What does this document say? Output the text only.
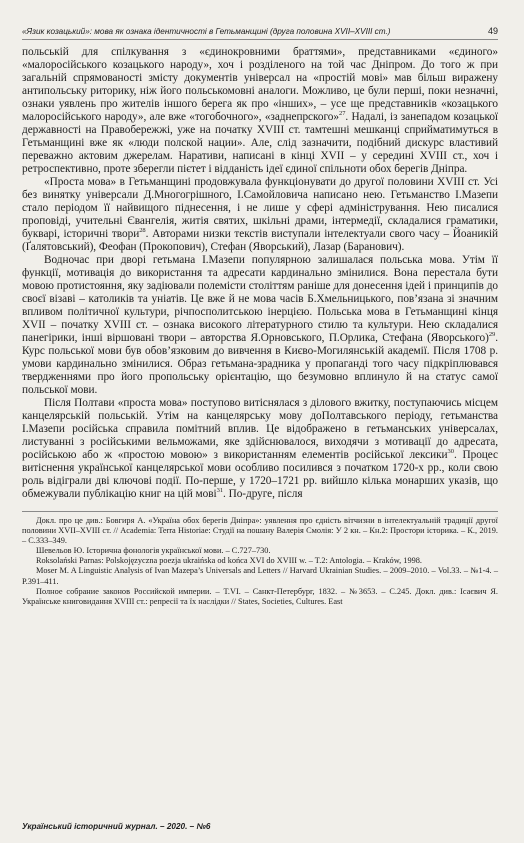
«Язик козацький»: мова як ознака ідентичності в Гетьманщині (друга половина XVII–XVIII ст.)	49

польській для спілкування з «єдинокровними браттями», представниками «єдиного» «малоросійського козацького народу», хоч і розділеного на той час Дніпром. До того ж при загальній спрямованості змісту документів універсал на «простій мові» мав більш виражену антипольську риторику, ніж його польськомовні аналоги. Можливо, це були перші, поки незначні, ознаки уявлень про жителів іншого берега як про «інших», – усе ще представників «козацького малоросійського народу», але вже «тогобочного», «заднепрского»$^{27}$. Надалі, із занепадом козацької державності на Правобережжі, уже на початку XVIII ст. тамтешні мешканці сприйматимуться в Гетьманщині вже як «люди полской нации». Але, слід зазначити, подібний дискурс властивий переважно актовим джерелам. Наративи, написані в кінці XVII – у середині XVIII ст., хоч і ретроспективно, проте зберегли пієтет і відданість ідеї єдиної спільноти обох берегів Дніпра.

«Проста мова» в Гетьманщині продовжувала функціонувати до другої половини XVIII ст. Усі без винятку універсали Д.Многогрішного, І.Самойловича написано нею. Гетьманство І.Мазепи стало періодом її найвищого піднесення, і не лише у сфері адміністрування. Нею писалися проповіді, учительні Євангелія, житія святих, шкільні драми, інтермедії, складалися граматики, букварі, історичні твори$^{28}$. Авторами низки текстів виступали інтелектуали свого часу – Йоаникій (Ґалятовський), Феофан (Прокопович), Стефан (Яворський), Лазар (Баранович).

Водночас при дворі гетьмана І.Мазепи популярною залишалася польська мова. Утім її функції, мотивація до використання та адресати кардинально змінилися. Вона перестала бути мовою протистояння, яку задіювали полемісти століттям раніше для донесення ідей і принципів до своєї візаві – католиків та уніатів. Це вже й не мова часів Б.Хмельницького, пов’язана зі значним впливом політичної культури, річпосполитською інерцією. Польська мова в Гетьманщині кінця XVII – початку XVIII ст. – ознака високого літературного стилю та культури. Нею складалися панегірики, інші віршовані твори – авторства Я.Орновського, П.Орлика, Стефана (Яворського)$^{29}$. Курс польської мови був обов’язковим до вивчення в Києво-Могилянській академії. Після 1708 р. умови кардинально змінилися. Образ гетьмана-зрадника у пропаганді того часу підкріплювався твердженнями про його пропольську орієнтацію, що безумовно вплинуло й на статус самої польської мови.

Після Полтави «проста мова» поступово витіснялася з ділового вжитку, поступаючись місцем канцелярській польській. Утім на канцелярську мову доПолтавського періоду, гетьманства І.Мазепи російська справила помітний вплив. Це відображено в гетьманських універсалах, листуванні з російськими вельможами, яке здійснювалося, виходячи з мотивації до адресата, російською або ж «простою мовою» з використанням елементів російської лексики$^{30}$. Процес витіснення української канцелярської мови особливо посилився з початком 1720-х рр., коли свою роль відіграли дві ключові події. По-перше, у 1720–1721 рр. вийшло кілька монарших указів, що обмежували публікацію книг на цій мові$^{31}$. По-друге, після

Докл. про це див.: Бовгиря А. «Україна обох берегів Дніпра»: уявлення про єдність вітчизни в інтелектуальній традиції другої половини XVII–XVIII ст. // Academia: Terra Historiae: Студії на пошану Валерія Смолія: У 2 кн. – Кн.2: Простори історика. – К., 2019. – С.333–349.

Шевельов Ю. Історична фонологія української мови. – С.727–730.

Roksolański Parnas: Polskojęzyczna poezja ukraińska od końca XVI do XVIII w. – T.2: Antologia. – Kraków, 1998.

Moser M. A Linguistic Analysis of Ivan Mazepa’s Universals and Letters // Harvard Ukrainian Studies. – 2009–2010. – Vol.33. – №1-4. – P.391–411.

Полное собрание законов Российской империи. – T.VI. – Санкт-Петербург, 1832. – №3653. – С.245. Докл. див.: Ісаєвич Я. Українське книговидання XVIII ст.: репресії та їх наслідки // States, Societies, Cultures. East

Український історичний журнал. – 2020. – №6
